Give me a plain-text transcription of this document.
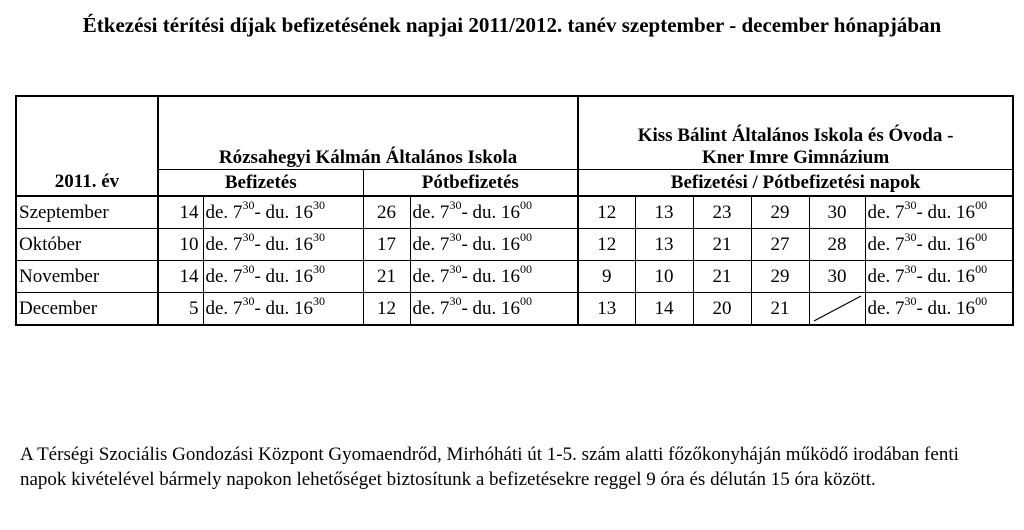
Étkezési térítési díjak befizetésének napjai 2011/2012. tanév szeptember - december hónapjában
	Rózsahegyi Kálmán Általános Iskola				Kiss Bálint Általános Iskola és Óvoda -
Kner Imre Gimnázium					

2011. év	Befizetés		Pótbefizetés		Befizetési / Pótbefizetési napok					
Szeptember	14	de. $7^{30}-$ du. $16^{30}$	26	de. $7^{30}-$ du. $16^{00}$	12	13	23	29	30	de. $7^{30}-$ du. $16^{00}$
Október	10	de. $7^{30}-$ du. $16^{30}$	17	de. $7^{30}-$ du. $16^{00}$	12	13	21	27	28	de. $7^{30}-$ du. $16^{00}$
November	14	de. $7^{30}-$ du. $16^{30}$	21	de. $7^{30}-$ du. $16^{00}$	9	10	21	29	30	de. $7^{30}-$ du. $16^{00}$
December	5	de. $7^{30}-$ du. $16^{30}$	12	de. $7^{30}-$ du. $16^{00}$	13	14	20	21		de. $7^{30}-$ du. $16^{00}$
A Térségi Szociális Gondozási Központ Gyomaendrőd, Mirhóháti út 1-5. szám alatti főzőkonyháján működő irodában fenti napok kivételével bármely napokon lehetőséget biztosítunk a befizetésekre reggel 9 óra és délután 15 óra között.
